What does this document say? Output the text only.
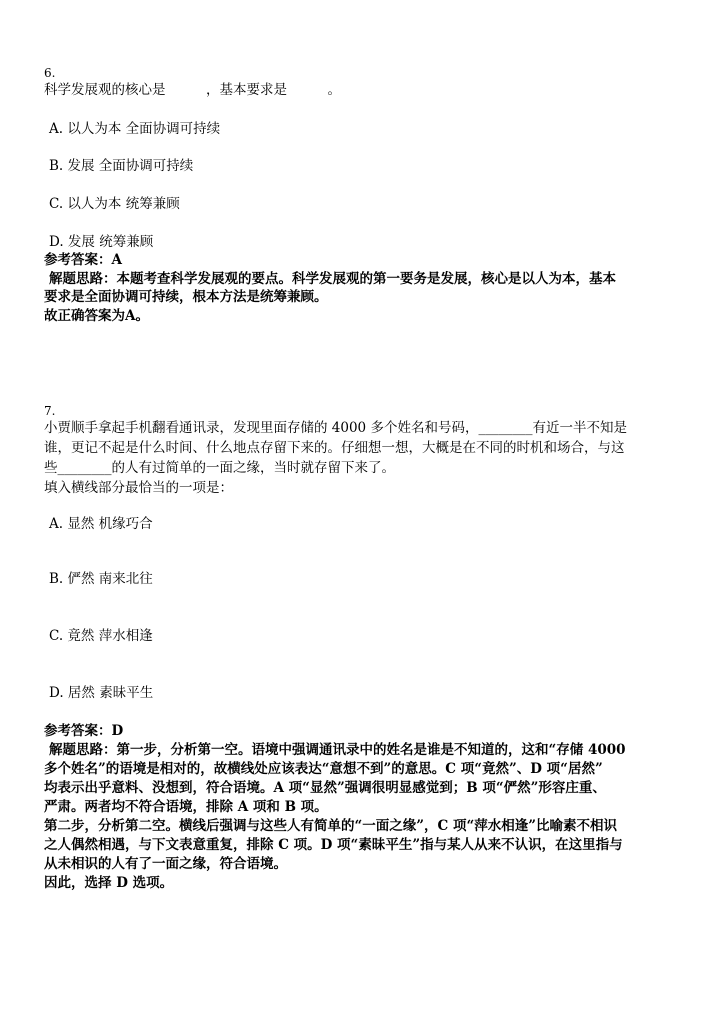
6.
科学发展观的核心是　　　，基本要求是　　　。
A. 以人为本 全面协调可持续
B. 发展 全面协调可持续
C. 以人为本 统筹兼顾
D. 发展 统筹兼顾
参考答案：A
解题思路：本题考查科学发展观的要点。科学发展观的第一要务是发展，核心是以人为本，基本
要求是全面协调可持续，根本方法是统筹兼顾。
故正确答案为A。
7.
小贾顺手拿起手机翻看通讯录，发现里面存储的 4000 多个姓名和号码，________有近一半不知是
谁，更记不起是什么时间、什么地点存留下来的。仔细想一想，大概是在不同的时机和场合，与这
些________的人有过简单的一面之缘，当时就存留下来了。
填入横线部分最恰当的一项是：
A. 显然 机缘巧合
B. 俨然 南来北往
C. 竟然 萍水相逢
D. 居然 素昧平生
参考答案：D
解题思路：第一步，分析第一空。语境中强调通讯录中的姓名是谁是不知道的，这和“存储 4000
多个姓名”的语境是相对的，故横线处应该表达“意想不到”的意思。C 项“竟然”、D 项“居然”
均表示出乎意料、没想到，符合语境。A 项“显然”强调很明显感觉到；B 项“俨然”形容庄重、
严肃。两者均不符合语境，排除 A 项和 B 项。
第二步，分析第二空。横线后强调与这些人有简单的“一面之缘”，C 项“萍水相逢”比喻素不相识
之人偶然相遇，与下文表意重复，排除 C 项。D 项“素昧平生”指与某人从来不认识，在这里指与
从未相识的人有了一面之缘，符合语境。
因此，选择 D 选项。
